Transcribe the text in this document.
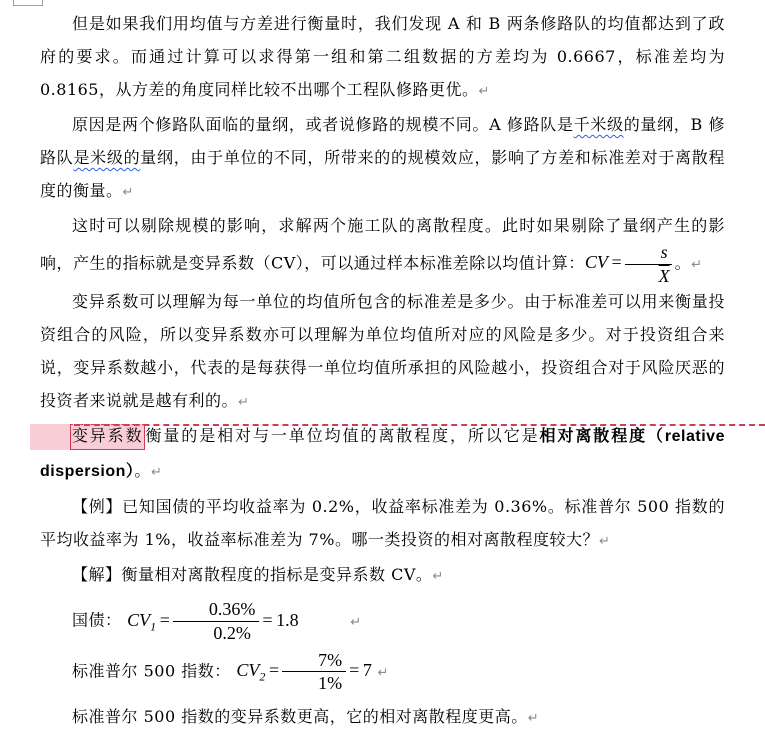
但是如果我们用均值与方差进行衡量时，我们发现 A 和 B 两条修路队的均值都达到了政府的要求。而通过计算可以求得第一组和第二组数据的方差均为 0.6667，标准差均为 0.8165，从方差的角度同样比较不出哪个工程队修路更优。↵

原因是两个修路队面临的量纲，或者说修路的规模不同。A 修路队是千米级的量纲，B 修路队是米级的量纲，由于单位的不同，所带来的的规模效应，影响了方差和标准差对于离散程度的衡量。↵

这时可以剔除规模的影响，求解两个施工队的离散程度。此时如果剔除了量纲产生的影响，产生的指标就是变异系数（CV），可以通过样本标准差除以均值计算：CV  = $\frac{s}{X}$ 。↵

变异系数可以理解为每一单位的均值所包含的标准差是多少。由于标准差可以用来衡量投资组合的风险，所以变异系数亦可以理解为单位均值所对应的风险是多少。对于投资组合来说，变异系数越小，代表的是每获得一单位均值所承担的风险越小，投资组合对于风险厌恶的投资者来说就是越有利的。↵

　　变异系数 衡量的是相对与一单位均值的离散程度，所以它是相对离散程度（relative dispersion）。↵

【例】已知国债的平均收益率为 0.2%，收益率标准差为 0.36%。标准普尔 500 指数的平均收益率为 1%，收益率标准差为 7%。哪一类投资的相对离散程度较大？↵

【解】衡量相对离散程度的指标是变异系数 CV。↵

国债： $CV_1 = \frac{0.36\%}{0.2\%} = 1.8$	↵

标准普尔 500 指数： $CV_2 = \frac{7\%}{1\%} = 7$ ↵

标准普尔 500 指数的变异系数更高，它的相对离散程度更高。↵
